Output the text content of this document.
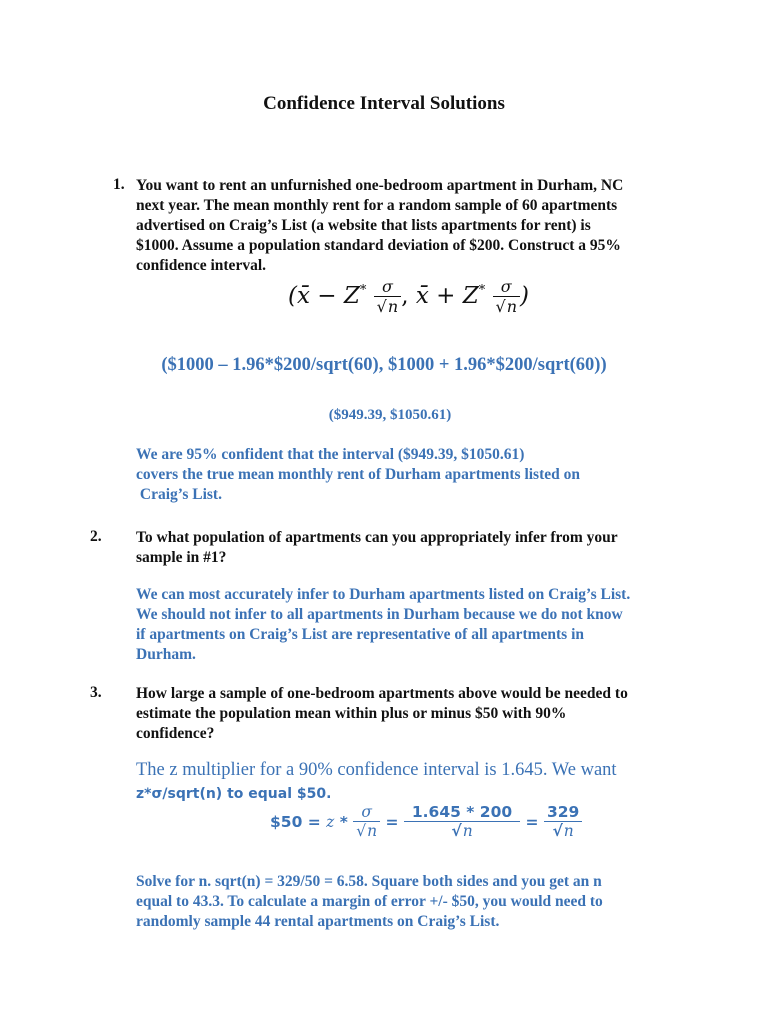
Confidence Interval Solutions
1. You want to rent an unfurnished one-bedroom apartment in Durham, NC
next year. The mean monthly rent for a random sample of 60 apartments
advertised on Craig’s List (a website that lists apartments for rent) is
$1000. Assume a population standard deviation of $200. Construct a 95%
confidence interval.
(x̄ − $Z^* \frac{\sigma}{√n}$ , x̄ + $Z^* \frac{\sigma}{√n}$ )
($1000 – 1.96*$200/sqrt(60), $1000 + 1.96*$200/sqrt(60))
($949.39, $1050.61)
We are 95% confident that the interval ($949.39, $1050.61)
covers the true mean monthly rent of Durham apartments listed on
Craig’s List.
2. To what population of apartments can you appropriately infer from your
sample in #1?
We can most accurately infer to Durham apartments listed on Craig’s List.
We should not infer to all apartments in Durham because we do not know
if apartments on Craig’s List are representative of all apartments in
Durham.
3. How large a sample of one-bedroom apartments above would be needed to
estimate the population mean within plus or minus $50 with 90%
confidence?
The z multiplier for a 90% confidence interval is 1.645. We want
z*σ/sqrt(n) to equal $50.
$50 = $z * \frac{\sigma}{√n} = \frac{1.645 * 200}{√n} = \frac{329}{√n}$
Solve for n. sqrt(n) = 329/50 = 6.58. Square both sides and you get an n
equal to 43.3. To calculate a margin of error +/- $50, you would need to
randomly sample 44 rental apartments on Craig’s List.
